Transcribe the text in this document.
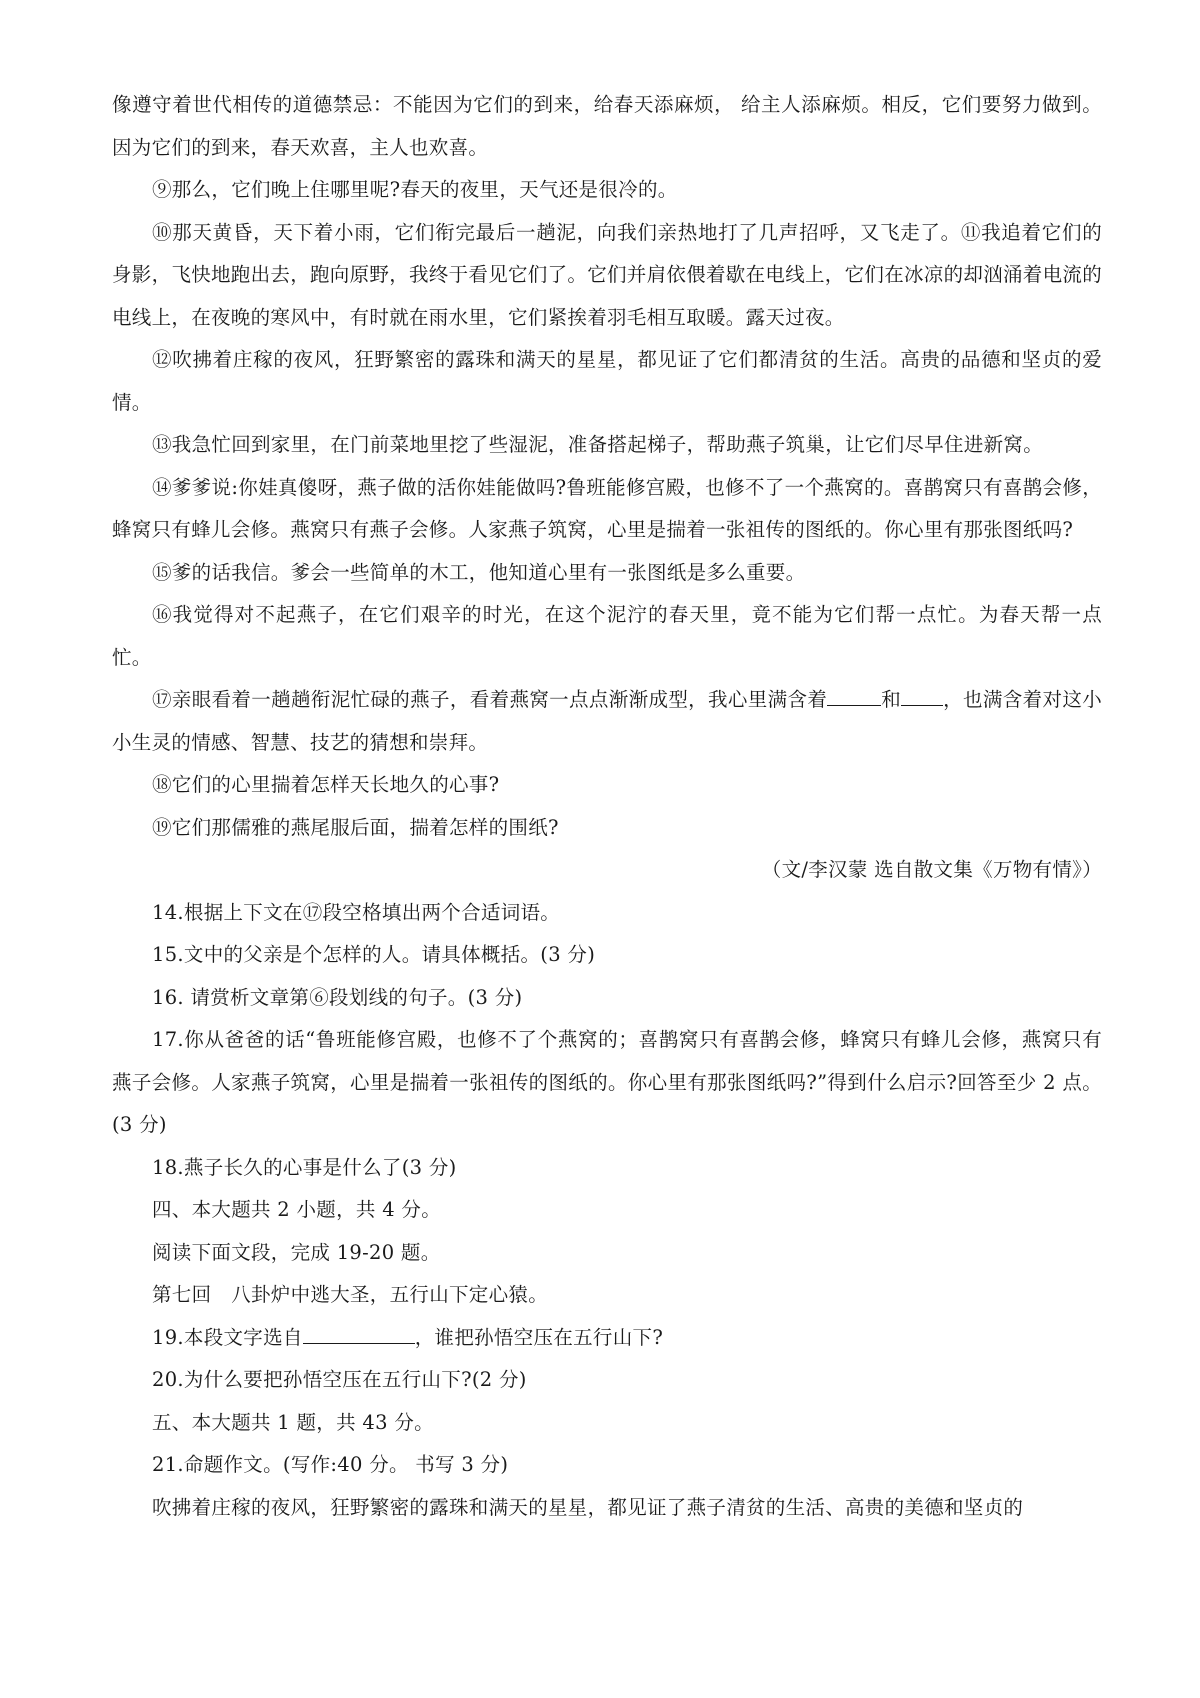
像遵守着世代相传的道德禁忌：不能因为它们的到来，给春天添麻烦， 给主人添麻烦。相反，它们要努力做到。因为它们的到来，春天欢喜，主人也欢喜。

⑨那么，它们晚上住哪里呢?春天的夜里，天气还是很冷的。

⑩那天黄昏，天下着小雨，它们衔完最后一趟泥，向我们亲热地打了几声招呼，又飞走了。⑪我追着它们的身影，飞快地跑出去，跑向原野，我终于看见它们了。它们并肩依偎着歇在电线上，它们在冰凉的却汹涌着电流的电线上，在夜晚的寒风中，有时就在雨水里，它们紧挨着羽毛相互取暖。露天过夜。

⑫吹拂着庄稼的夜风，狂野繁密的露珠和满天的星星，都见证了它们都清贫的生活。高贵的品德和坚贞的爱情。

⑬我急忙回到家里，在门前菜地里挖了些湿泥，准备搭起梯子，帮助燕子筑巢，让它们尽早住进新窝。

⑭爹爹说:你娃真傻呀，燕子做的活你娃能做吗?鲁班能修宫殿，也修不了一个燕窝的。喜鹊窝只有喜鹊会修，蜂窝只有蜂儿会修。燕窝只有燕子会修。人家燕子筑窝，心里是揣着一张祖传的图纸的。你心里有那张图纸吗?

⑮爹的话我信。爹会一些简单的木工，他知道心里有一张图纸是多么重要。

⑯我觉得对不起燕子，在它们艰辛的时光，在这个泥泞的春天里，竟不能为它们帮一点忙。为春天帮一点忙。

⑰亲眼看着一趟趟衔泥忙碌的燕子，看着燕窝一点点渐渐成型，我心里满含着	和 ，也满含着对这小小生灵的情感、智慧、技艺的猜想和崇拜。

⑱它们的心里揣着怎样天长地久的心事?

⑲它们那儒雅的燕尾服后面，揣着怎样的围纸?

（文/李汉蒙 选自散文集《万物有情》）

14.根据上下文在⑰段空格填出两个合适词语。

15.文中的父亲是个怎样的人。请具体概括。(3 分)

16. 请赏析文章第⑥段划线的句子。(3 分)

17.你从爸爸的话“鲁班能修宫殿，也修不了个燕窝的；喜鹊窝只有喜鹊会修，蜂窝只有蜂儿会修，燕窝只有燕子会修。人家燕子筑窝，心里是揣着一张祖传的图纸的。你心里有那张图纸吗?”得到什么启示?回答至少 2 点。(3 分)

18.燕子长久的心事是什么了(3 分)

四、本大题共 2 小题，共 4 分。

阅读下面文段，完成 19-20 题。

第七回　八卦炉中逃大圣，五行山下定心猿。

19.本段文字选自	，谁把孙悟空压在五行山下?

20.为什么要把孙悟空压在五行山下?(2 分)

五、本大题共 1 题，共 43 分。

21.命题作文。(写作:40 分。 书写 3 分)

吹拂着庄稼的夜风，狂野繁密的露珠和满天的星星，都见证了燕子清贫的生活、高贵的美德和坚贞的
